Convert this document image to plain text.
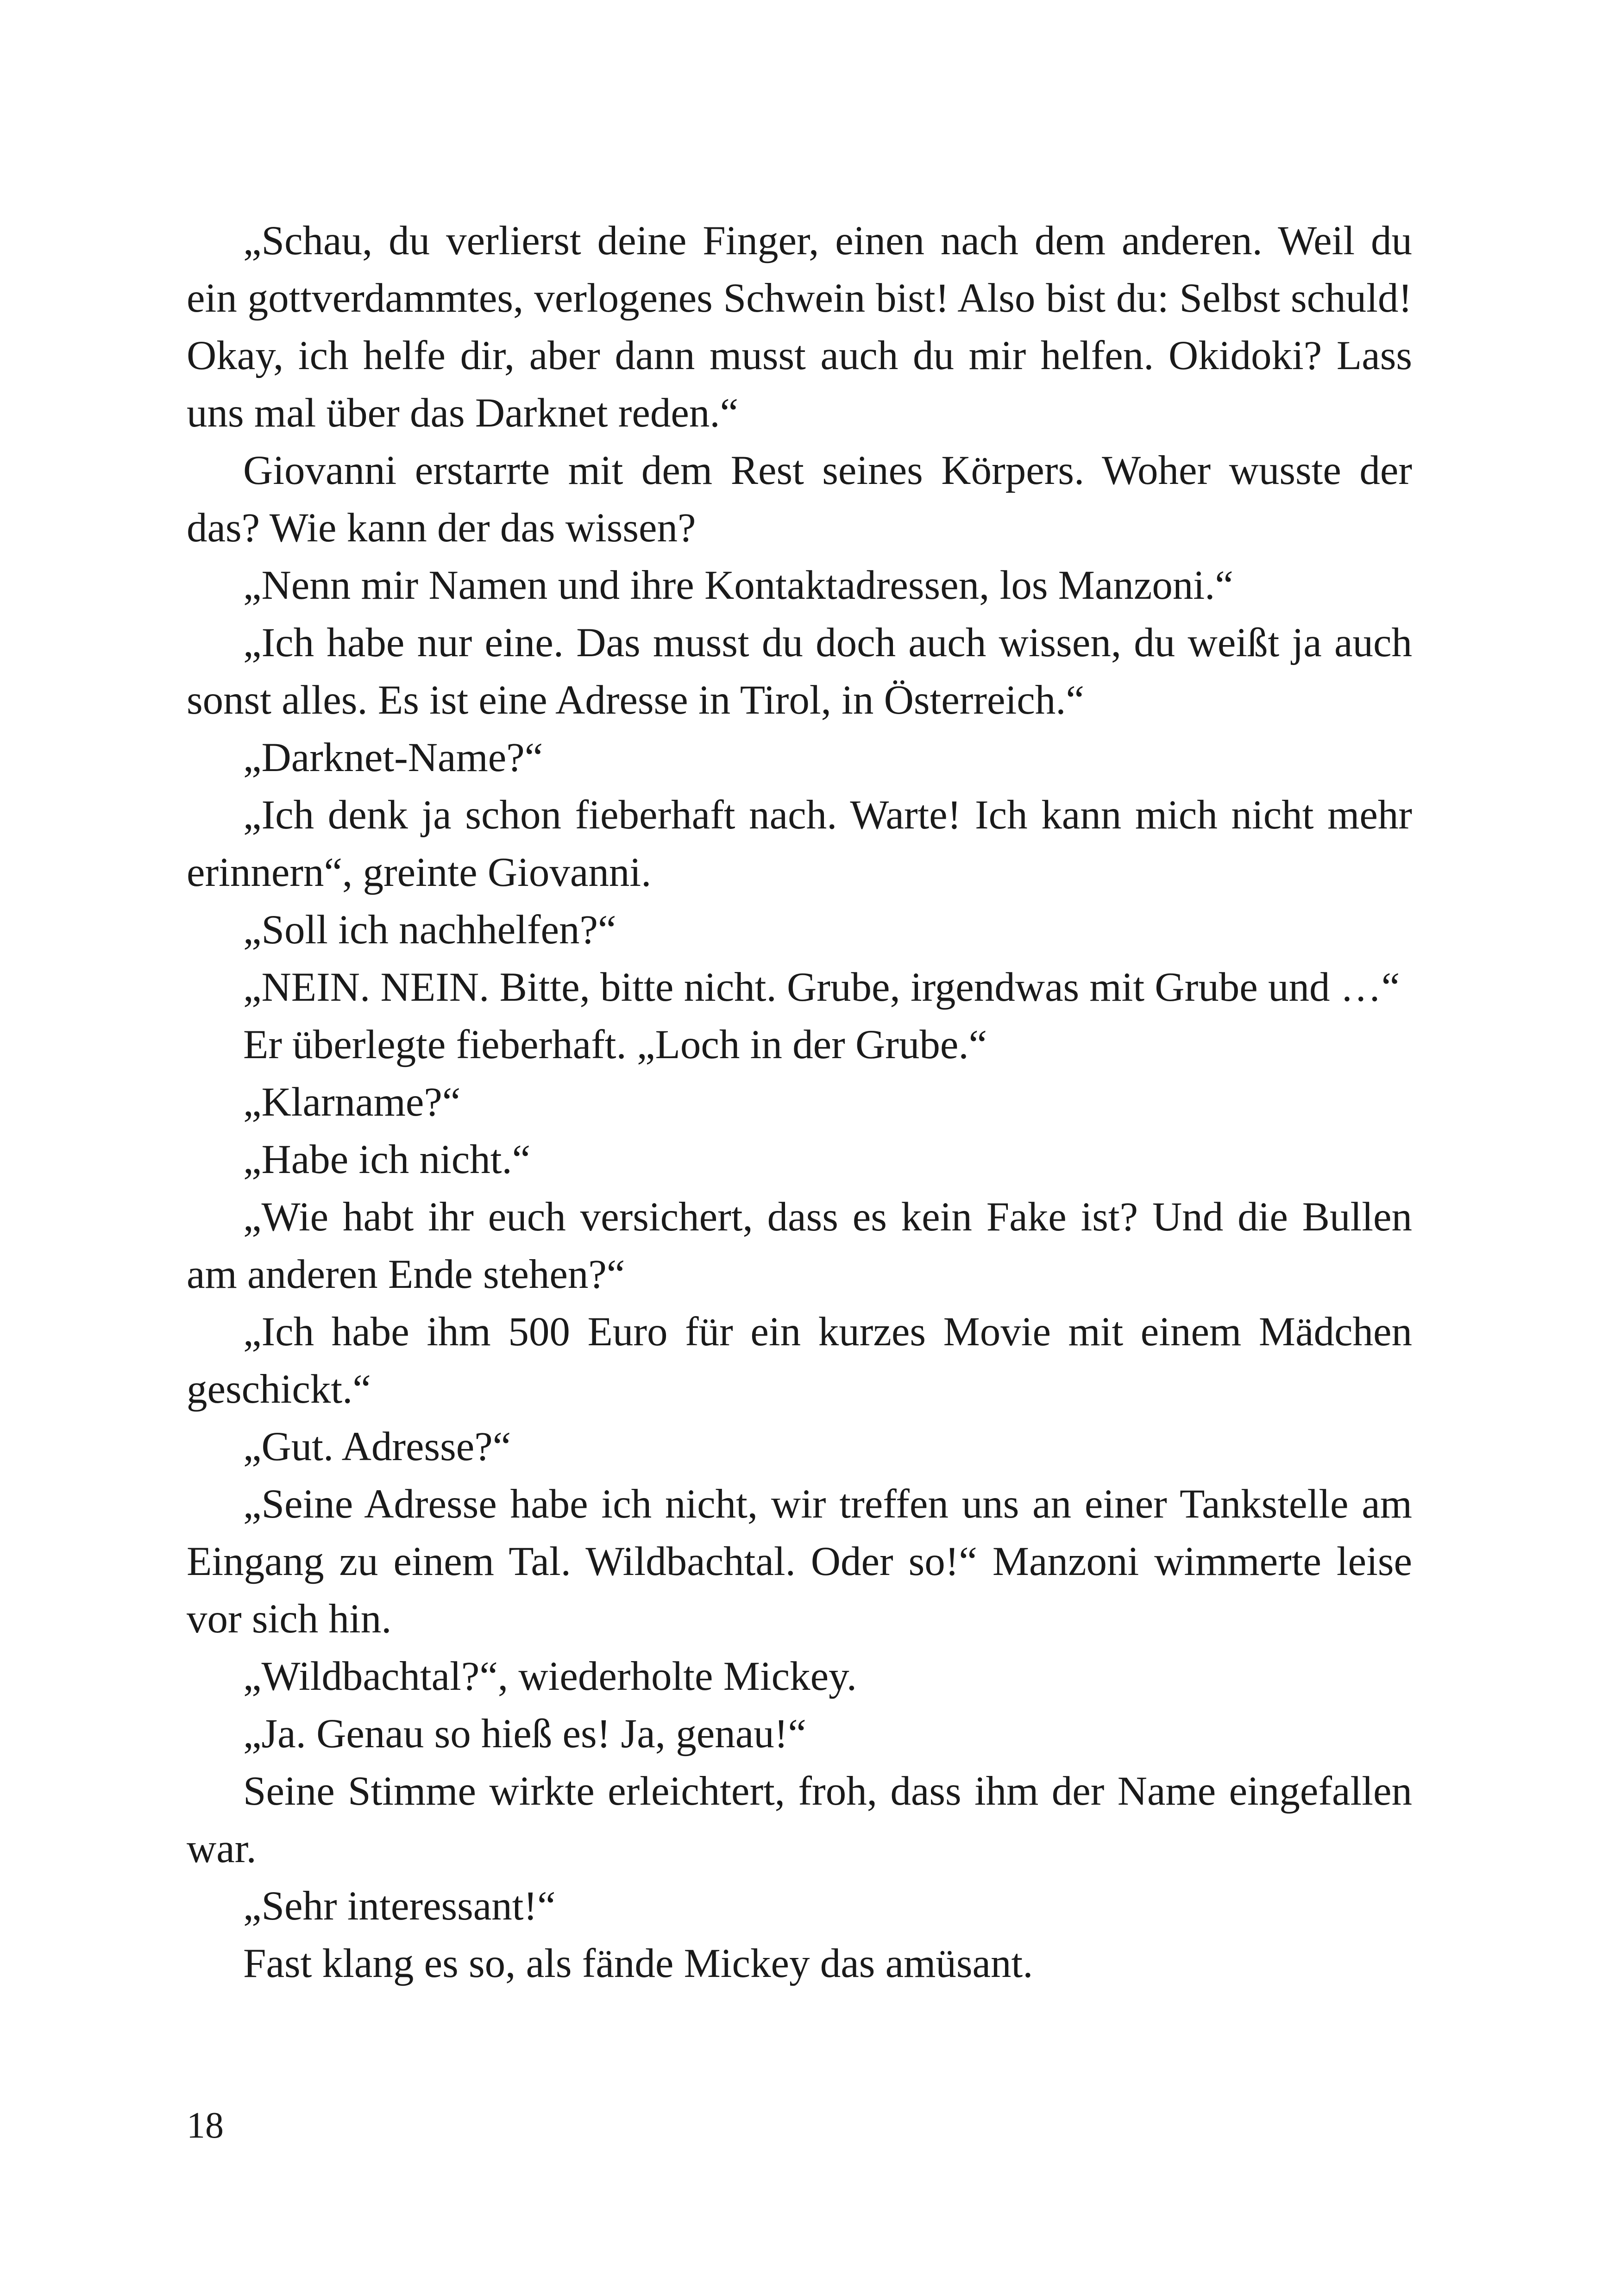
„Schau, du verlierst deine Finger, einen nach dem anderen. Weil du ein gottverdammtes, verlogenes Schwein bist! Also bist du: Selbst schuld! Okay, ich helfe dir, aber dann musst auch du mir helfen. Okidoki? Lass uns mal über das Darknet reden.“

Giovanni erstarrte mit dem Rest seines Körpers. Woher wusste der das? Wie kann der das wissen?

„Nenn mir Namen und ihre Kontaktadressen, los Manzoni.“

„Ich habe nur eine. Das musst du doch auch wissen, du weißt ja auch sonst alles. Es ist eine Adresse in Tirol, in Österreich.“

„Darknet-Name?“

„Ich denk ja schon fieberhaft nach. Warte! Ich kann mich nicht mehr erinnern“, greinte Giovanni.

„Soll ich nachhelfen?“

„NEIN. NEIN. Bitte, bitte nicht. Grube, irgendwas mit Grube und …“

Er überlegte fieberhaft. „Loch in der Grube.“

„Klarname?“

„Habe ich nicht.“

„Wie habt ihr euch versichert, dass es kein Fake ist? Und die Bullen am anderen Ende stehen?“

„Ich habe ihm 500 Euro für ein kurzes Movie mit einem Mädchen geschickt.“

„Gut. Adresse?“

„Seine Adresse habe ich nicht, wir treffen uns an einer Tankstelle am Eingang zu einem Tal. Wildbachtal. Oder so!“ Manzoni wimmerte leise vor sich hin.

„Wildbachtal?“, wiederholte Mickey.

„Ja. Genau so hieß es! Ja, genau!“

Seine Stimme wirkte erleichtert, froh, dass ihm der Name eingefallen war.

„Sehr interessant!“

Fast klang es so, als fände Mickey das amüsant.

18
